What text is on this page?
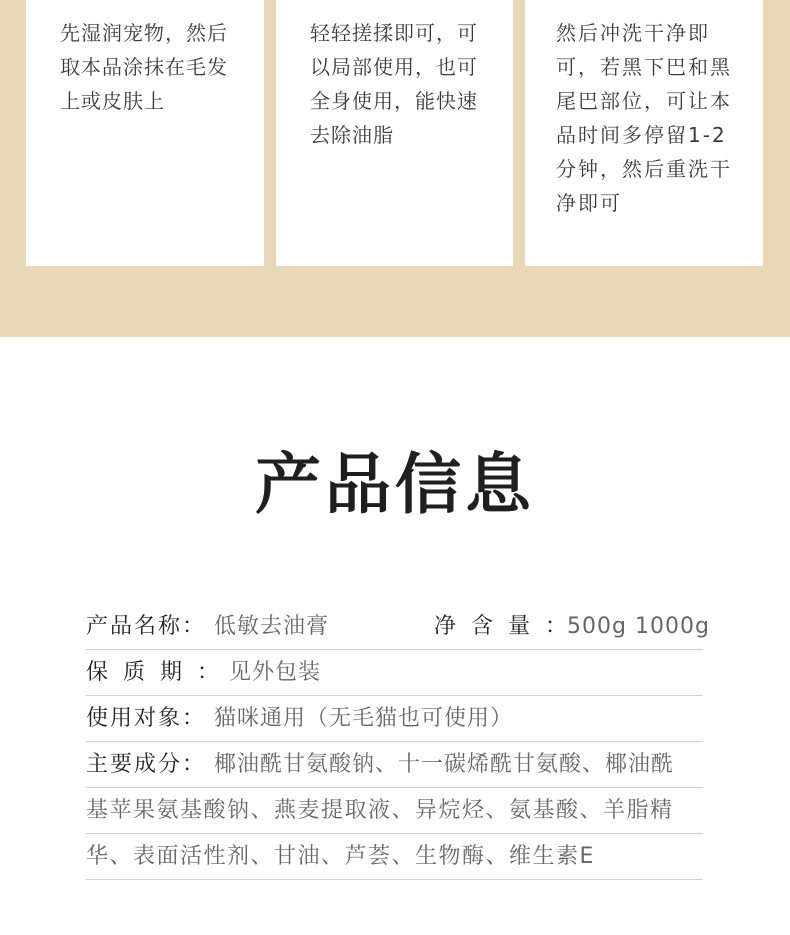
先湿润宠物，然后取本品涂抹在毛发上或皮肤上
轻轻搓揉即可，可以局部使用，也可全身使用，能快速去除油脂
然后冲洗干净即可，若黑下巴和黑尾巴部位，可让本品时间多停留1-2分钟，然后重洗干净即可
产品信息
产品名称： 低敏去油膏	净含量：500g 1000g
保质期： 见外包装
使用对象： 猫咪通用（无毛猫也可使用）
主要成分： 椰油酰甘氨酸钠、十一碳烯酰甘氨酸、椰油酰
基苹果氨基酸钠、燕麦提取液、异烷烃、氨基酸、羊脂精
华、表面活性剂、甘油、芦荟、生物酶、维生素E
